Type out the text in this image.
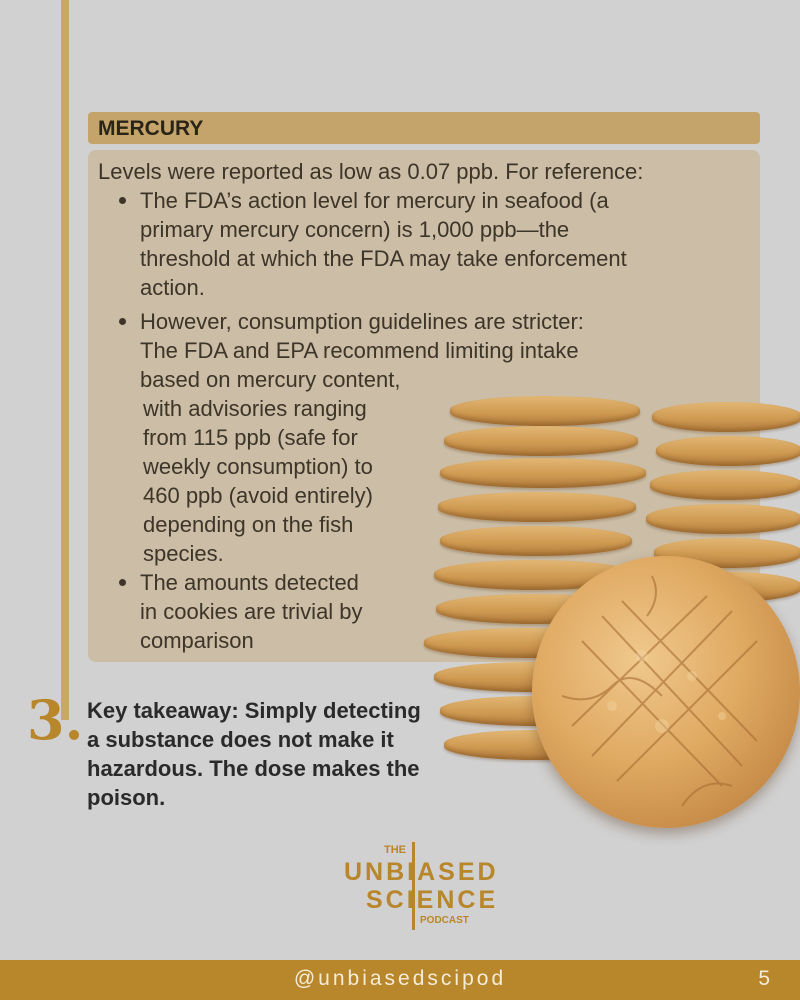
MERCURY
Levels were reported as low as 0.07 ppb. For reference:
The FDA’s action level for mercury in seafood (a
primary mercury concern) is 1,000 ppb—the
threshold at which the FDA may take enforcement
action.
However, consumption guidelines are stricter:
The FDA and EPA recommend limiting intake
based on mercury content,
with advisories ranging
from 115 ppb (safe for
weekly consumption) to
460 ppb (avoid entirely)
depending on the fish
species.
The amounts detected
in cookies are trivial by
comparison
3. Key takeaway: Simply detecting a substance does not make it hazardous. The dose makes the poison.
THE
UNBIASED
SCIENCE
PODCAST
@unbiasedscipod	5
